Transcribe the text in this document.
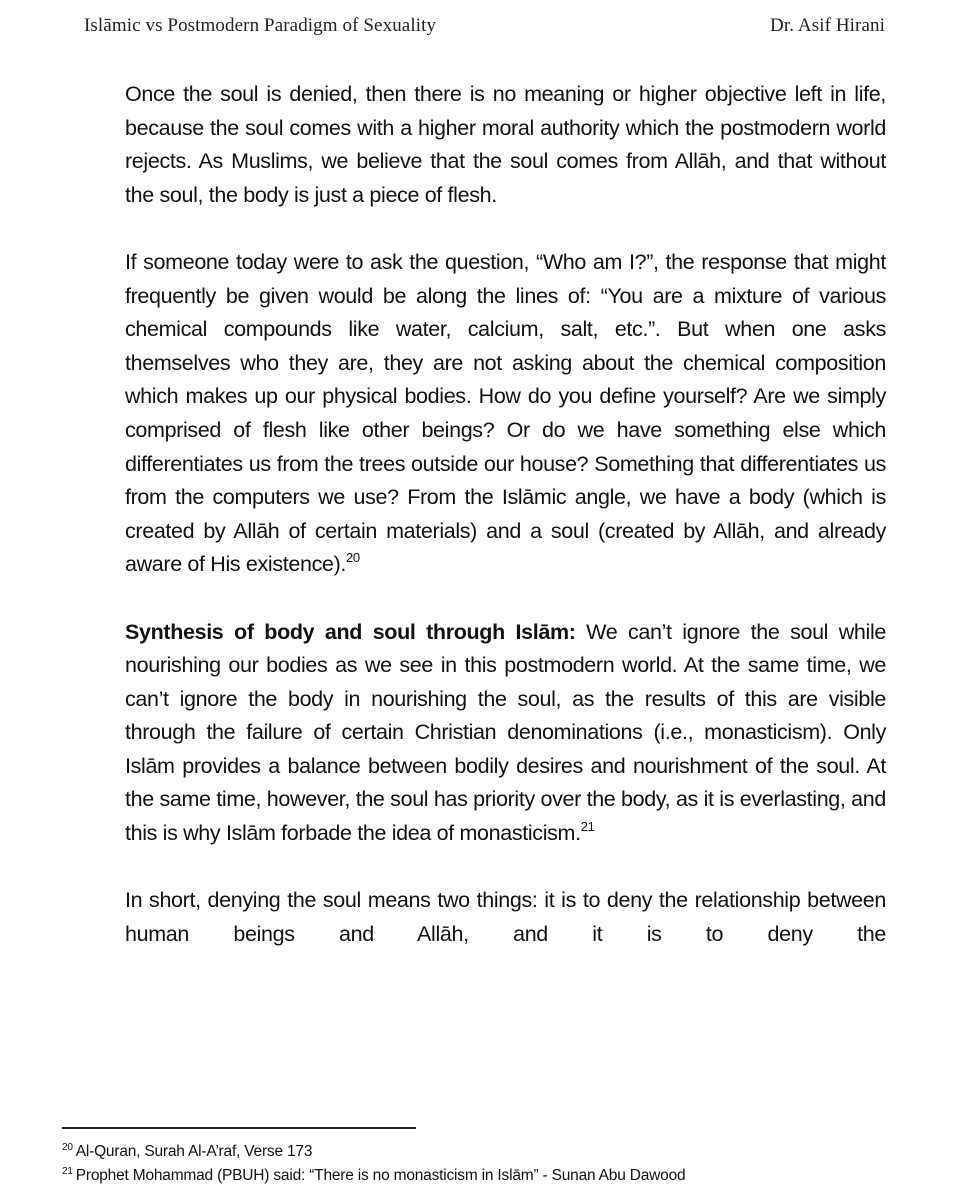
Islāmic vs Postmodern Paradigm of Sexuality	Dr. Asif Hirani

Once the soul is denied, then there is no meaning or higher objective left in life, because the soul comes with a higher moral authority which the postmodern world rejects. As Muslims, we believe that the soul comes from Allāh, and that without the soul, the body is just a piece of flesh.

If someone today were to ask the question, “Who am I?”, the response that might frequently be given would be along the lines of: “You are a mixture of various chemical compounds like water, calcium, salt, etc.”. But when one asks themselves who they are, they are not asking about the chemical composition which makes up our physical bodies. How do you define yourself? Are we simply comprised of flesh like other beings? Or do we have something else which differentiates us from the trees outside our house? Something that differentiates us from the computers we use? From the Islāmic angle, we have a body (which is created by Allāh of certain materials) and a soul (created by Allāh, and already aware of His existence).$^{20}$

Synthesis of body and soul through Islām: We can’t ignore the soul while nourishing our bodies as we see in this postmodern world. At the same time, we can’t ignore the body in nourishing the soul, as the results of this are visible through the failure of certain Christian denominations (i.e., monasticism). Only Islām provides a balance between bodily desires and nourishment of the soul. At the same time, however, the soul has priority over the body, as it is everlasting, and this is why Islām forbade the idea of monasticism.$^{21}$

In short, denying the soul means two things: it is to deny the relationship between human beings and Allāh, and it is to deny the

$^{20}$ Al-Quran, Surah Al-A’raf, Verse 173
$^{21}$ Prophet Mohammad (PBUH) said: “There is no monasticism in Islām” - Sunan Abu Dawood
